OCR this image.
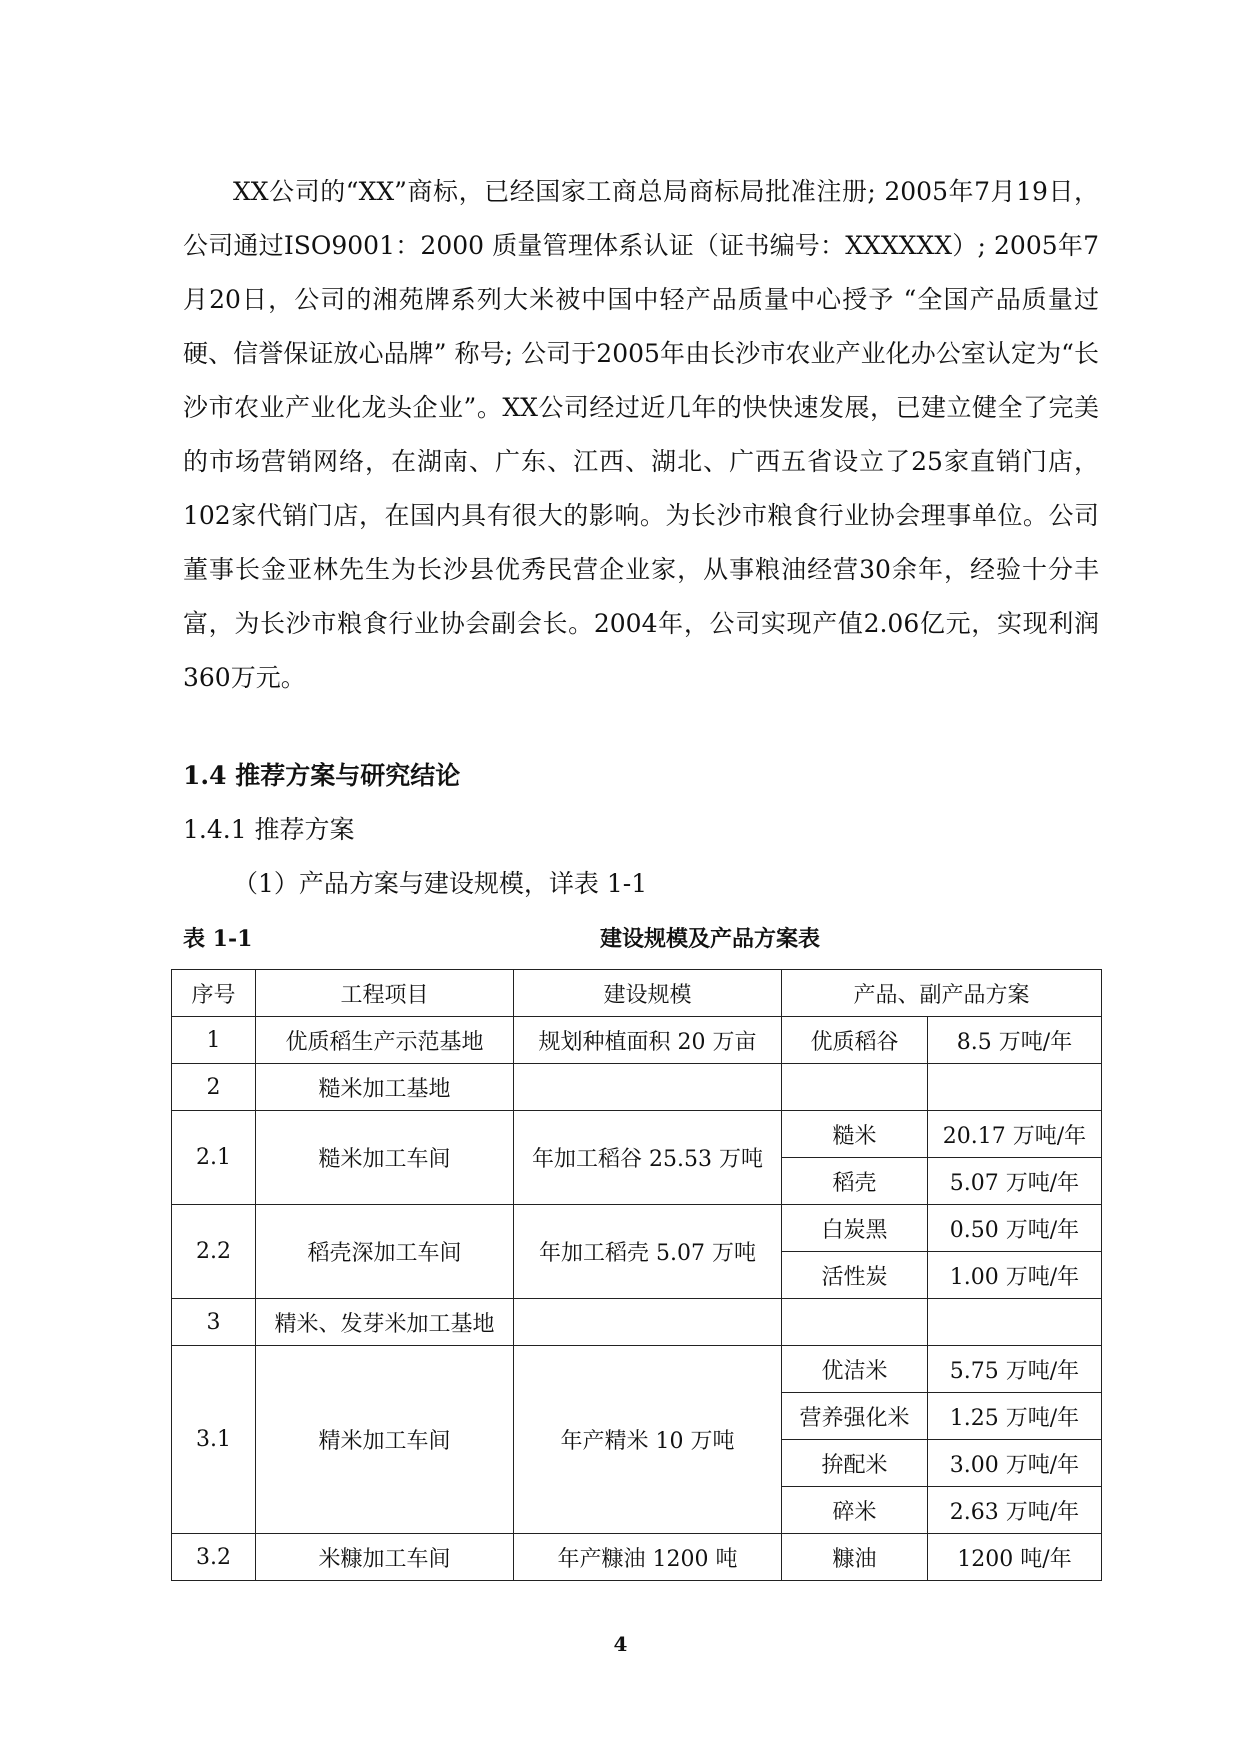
XX公司的“XX”商标，已经国家工商总局商标局批准注册; 2005年7月19日，公司通过ISO9001：2000 质量管理体系认证（证书编号：XXXXXX）; 2005年7月20日，公司的湘苑牌系列大米被中国中轻产品质量中心授予 “全国产品质量过硬、信誉保证放心品牌” 称号; 公司于2005年由长沙市农业产业化办公室认定为“长沙市农业产业化龙头企业”。XX公司经过近几年的快快速发展，已建立健全了完美的市场营销网络，在湖南、广东、江西、湖北、广西五省设立了25家直销门店，102家代销门店，在国内具有很大的影响。为长沙市粮食行业协会理事单位。公司董事长金亚林先生为长沙县优秀民营企业家，从事粮油经营30余年，经验十分丰富，为长沙市粮食行业协会副会长。2004年，公司实现产值2.06亿元，实现利润360万元。

1.4 推荐方案与研究结论

1.4.1 推荐方案

（1）产品方案与建设规模，详表 1-1

表 1-1	建设规模及产品方案表
序号	工程项目	建设规模	产品、副产品方案	
1	优质稻生产示范基地	规划种植面积 20 万亩	优质稻谷	8.5 万吨/年
2	糙米加工基地			
2.1	糙米加工车间	年加工稻谷 25.53 万吨	糙米	20.17 万吨/年
			稻壳	5.07 万吨/年
2.2	稻壳深加工车间	年加工稻壳 5.07 万吨	白炭黑	0.50 万吨/年
			活性炭	1.00 万吨/年
3	精米、发芽米加工基地			
3.1	精米加工车间	年产精米 10 万吨	优洁米	5.75 万吨/年
			营养强化米	1.25 万吨/年
			拚配米	3.00 万吨/年
			碎米	2.63 万吨/年
3.2	米糠加工车间	年产糠油 1200 吨	糠油	1200 吨/年
4
